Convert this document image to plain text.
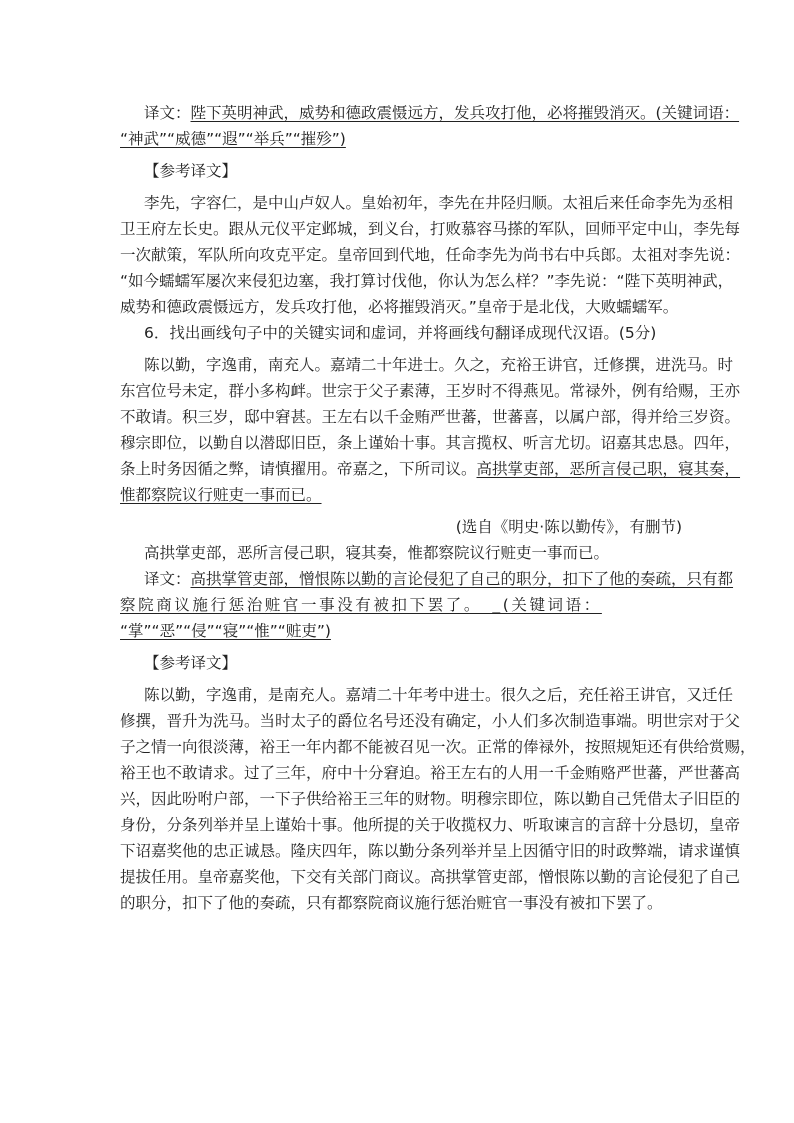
译文：陛下英明神武，威势和德政震慑远方，发兵攻打他，必将摧毁消灭。(关键词语：
“神武”“威德”“遐”“举兵”“摧殄”)
【参考译文】
李先，字容仁，是中山卢奴人。皇始初年，李先在井陉归顺。太祖后来任命李先为丞相
卫王府左长史。跟从元仪平定邺城，到义台，打败慕容马搽的军队，回师平定中山，李先每
一次献策，军队所向攻克平定。皇帝回到代地，任命李先为尚书右中兵郎。太祖对李先说：
“如今蠕蠕军屡次来侵犯边塞，我打算讨伐他，你认为怎么样？”李先说：“陛下英明神武，
威势和德政震慑远方，发兵攻打他，必将摧毁消灭。”皇帝于是北伐，大败蠕蠕军。
6．找出画线句子中的关键实词和虚词，并将画线句翻译成现代汉语。(5分)
陈以勤，字逸甫，南充人。嘉靖二十年进士。久之，充裕王讲官，迁修撰，进洗马。时
东宫位号未定，群小多构衅。世宗于父子素薄，王岁时不得燕见。常禄外，例有给赐，王亦
不敢请。积三岁，邸中窘甚。王左右以千金贿严世蕃，世蕃喜，以属户部，得并给三岁资。
穆宗即位，以勤自以潜邸旧臣，条上谨始十事。其言揽权、听言尤切。诏嘉其忠恳。四年，
条上时务因循之弊，请慎擢用。帝嘉之，下所司议。高拱掌吏部，恶所言侵己职，寝其奏，
惟都察院议行赃吏一事而已。
(选自《明史·陈以勤传》，有删节)
高拱掌吏部，恶所言侵己职，寝其奏，惟都察院议行赃吏一事而已。
译文：高拱掌管吏部，憎恨陈以勤的言论侵犯了自己的职分，扣下了他的奏疏，只有都
察院商议施行惩治赃官一事没有被扣下罢了。　_(关键词语：
“掌”“恶”“侵”“寝”“惟”“赃吏”)
【参考译文】
陈以勤，字逸甫，是南充人。嘉靖二十年考中进士。很久之后，充任裕王讲官，又迁任
修撰，晋升为洗马。当时太子的爵位名号还没有确定，小人们多次制造事端。明世宗对于父
子之情一向很淡薄，裕王一年内都不能被召见一次。正常的俸禄外，按照规矩还有供给赏赐，
裕王也不敢请求。过了三年，府中十分窘迫。裕王左右的人用一千金贿赂严世蕃，严世蕃高
兴，因此吩咐户部，一下子供给裕王三年的财物。明穆宗即位，陈以勤自己凭借太子旧臣的
身份，分条列举并呈上谨始十事。他所提的关于收揽权力、听取谏言的言辞十分恳切，皇帝
下诏嘉奖他的忠正诚恳。隆庆四年，陈以勤分条列举并呈上因循守旧的时政弊端，请求谨慎
提拔任用。皇帝嘉奖他，下交有关部门商议。高拱掌管吏部，憎恨陈以勤的言论侵犯了自己
的职分，扣下了他的奏疏，只有都察院商议施行惩治赃官一事没有被扣下罢了。
